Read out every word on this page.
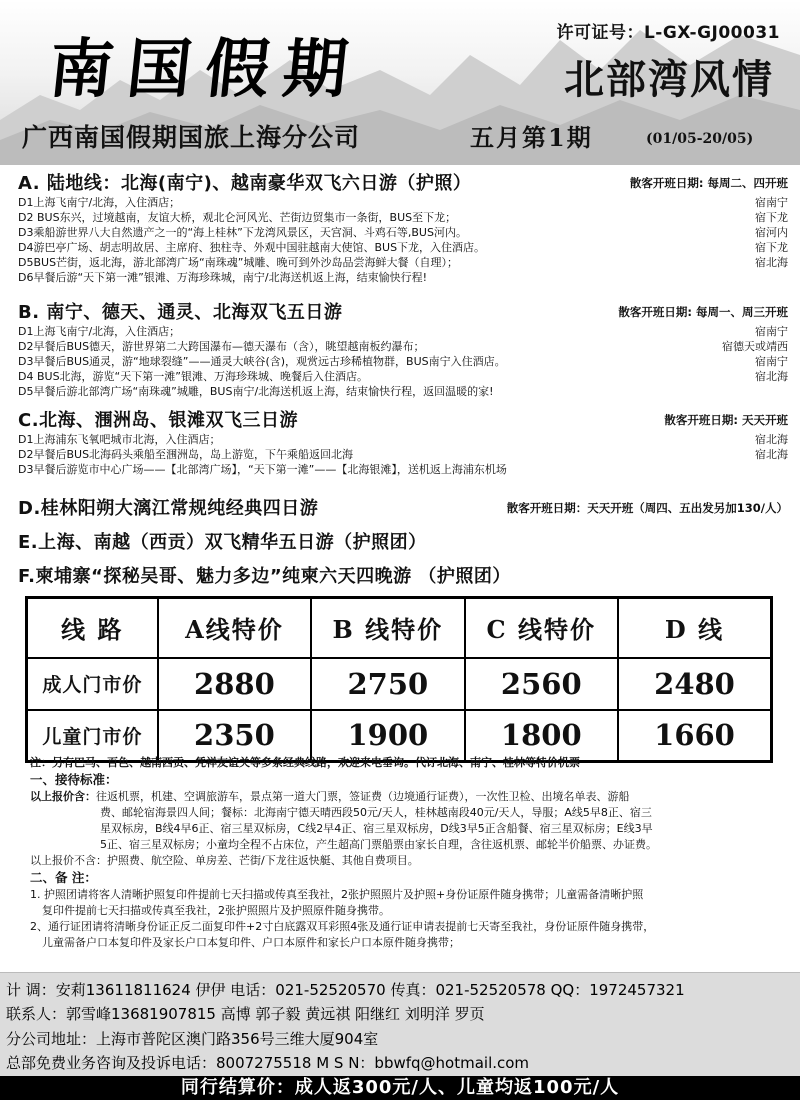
南国假期	许可证号：L-GX-GJ00031
北部湾风情
广西南国假期国旅上海分公司	五月第1期	(01/05-20/05)
A. 陆地线：北海(南宁)、越南豪华双飞六日游（护照）	散客开班日期: 每周二、四开班
D1上海飞南宁/北海，入住酒店；	宿南宁
D2 BUS东兴，过境越南，友谊大桥，观北仑河风光、芒街边贸集市一条街，BUS至下龙；	宿下龙
D3乘船游世界八大自然遗产之一的“海上桂林”下龙湾风景区，天宫洞、斗鸡石等,BUS河内。	宿河内
D4游巴亭广场、胡志明故居、主席府、独柱寺、外观中国驻越南大使馆、BUS下龙，入住酒店。	宿下龙
D5BUS芒街，返北海，游北部湾广场“南珠魂”城雕、晚可到外沙岛品尝海鲜大餐（自理）；	宿北海
D6早餐后游“天下第一滩”银滩、万海珍珠城，南宁/北海送机返上海，结束愉快行程!
B. 南宁、德天、通灵、北海双飞五日游	散客开班日期: 每周一、周三开班
D1上海飞南宁/北海，入住酒店；	宿南宁
D2早餐后BUS德天，游世界第二大跨国瀑布—德天瀑布（含），眺望越南板约瀑布；	宿德天或靖西
D3早餐后BUS通灵，游“地球裂缝”——通灵大峡谷(含)，观赏远古珍稀植物群，BUS南宁入住酒店。	宿南宁
D4 BUS北海，游览“天下第一滩”银滩、万海珍珠城、晚餐后入住酒店。	宿北海
D5早餐后游北部湾广场“南珠魂”城雕，BUS南宁/北海送机返上海，结束愉快行程，返回温暖的家!
C.北海、涠洲岛、银滩双飞三日游	散客开班日期: 天天开班
D1上海浦东飞氧吧城市北海，入住酒店；	宿北海
D2早餐后BUS北海码头乘船至涠洲岛，岛上游览，下午乘船返回北海	宿北海
D3早餐后游览市中心广场——【北部湾广场】，“天下第一滩”——【北海银滩】，送机返上海浦东机场
D.桂林阳朔大漓江常规纯经典四日游	散客开班日期：天天开班（周四、五出发另加130/人）
E.上海、南越（西贡）双飞精华五日游（护照团）
F.柬埔寨“探秘吴哥、魅力多边”纯柬六天四晚游 （护照团）
线 路	A线特价	B 线特价	C 线特价	D 线
成人门市价	2880	2750	2560	2480
儿童门市价	2350	1900	1800	1660

注：另有巴马、百色、越南西贡、凭祥友谊关等多条经典线路，欢迎来电垂询。代订北海、南宁、桂林等特价机票

一、接待标准：

以上报价含：往返机票，机建、空调旅游车，景点第一道大门票，签证费（边境通行证费），一次性卫检、出境名单表、游船

费、邮轮宿海景四人间；餐标：北海南宁德天晴西段50元/天人，桂林越南段40元/天人，导服；A线5早8正、宿三

星双标房，B线4早6正、宿三星双标房，C线2早4正、宿三星双标房，D线3早5正含船餐、宿三星双标房；E线3早

5正、宿三星双标房；小童均全程不占床位，产生超高门票船票由家长自理，含往返机票、邮轮半价船票、办证费。

以上报价不含：护照费、航空险、单房差、芒街/下龙往返快艇、其他自费项目。

二、备 注：

1. 护照团请将客人清晰护照复印件提前七天扫描或传真至我社，2张护照照片及护照+身份证原件随身携带；儿童需备清晰护照

复印件提前七天扫描或传真至我社，2张护照照片及护照原件随身携带。

2、通行证团请将清晰身份证正反二面复印件+2寸白底露双耳彩照4张及通行证申请表提前七天寄至我社，身份证原件随身携带，

儿童需备户口本复印件及家长户口本复印件、户口本原件和家长户口本原件随身携带；

计 调：安莉13611811624 伊伊 电话：021-52520570 传真：021-52520578 QQ：1972457321
联系人：郭雪峰13681907815 高博 郭子毅 黄远祺 阳继红 刘明洋 罗页
分公司地址：上海市普陀区澳门路356号三维大厦904室
总部免费业务咨询及投诉电话：8007275518 M S N：bbwfq@hotmail.com
同行结算价：成人返300元/人、儿童均返100元/人
